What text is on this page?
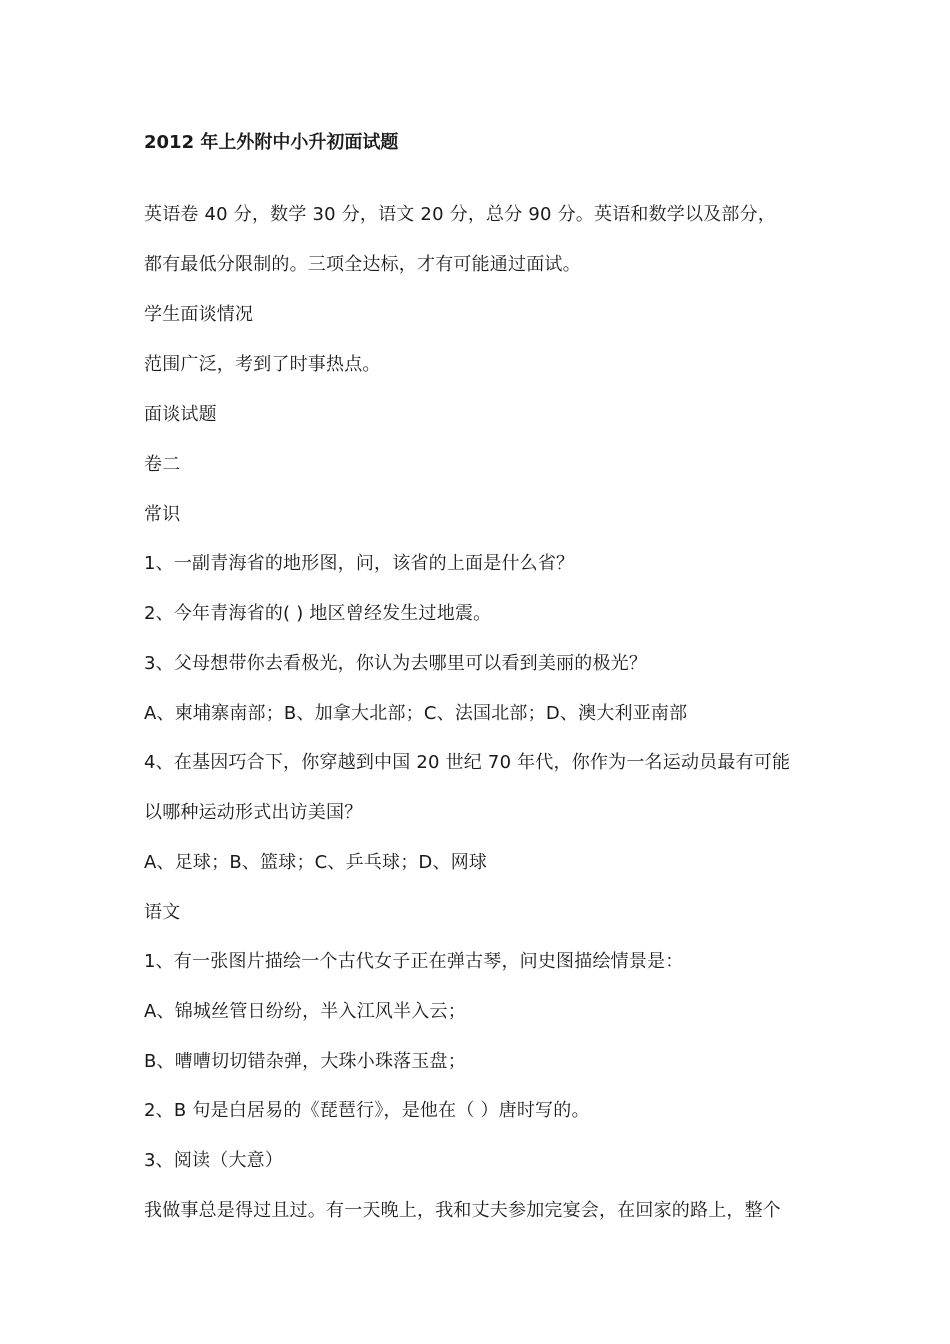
2012 年上外附中小升初面试题
英语卷 40 分，数学 30 分，语文 20 分，总分 90 分。英语和数学以及部分，
都有最低分限制的。三项全达标，才有可能通过面试。
学生面谈情况
范围广泛，考到了时事热点。
面谈试题
卷二
常识
1、一副青海省的地形图，问，该省的上面是什么省？
2、今年青海省的( ) 地区曾经发生过地震。
3、父母想带你去看极光，你认为去哪里可以看到美丽的极光？
A、柬埔寨南部；B、加拿大北部；C、法国北部；D、澳大利亚南部
4、在基因巧合下，你穿越到中国 20 世纪 70 年代，你作为一名运动员最有可能
以哪种运动形式出访美国？
A、足球；B、篮球；C、乒乓球；D、网球
语文
1、有一张图片描绘一个古代女子正在弹古琴，问史图描绘情景是：
A、锦城丝管日纷纷，半入江风半入云；
B、嘈嘈切切错杂弹，大珠小珠落玉盘；
2、B 句是白居易的《琵琶行》，是他在（ ）唐时写的。
3、阅读（大意）
我做事总是得过且过。有一天晚上，我和丈夫参加完宴会，在回家的路上，整个
